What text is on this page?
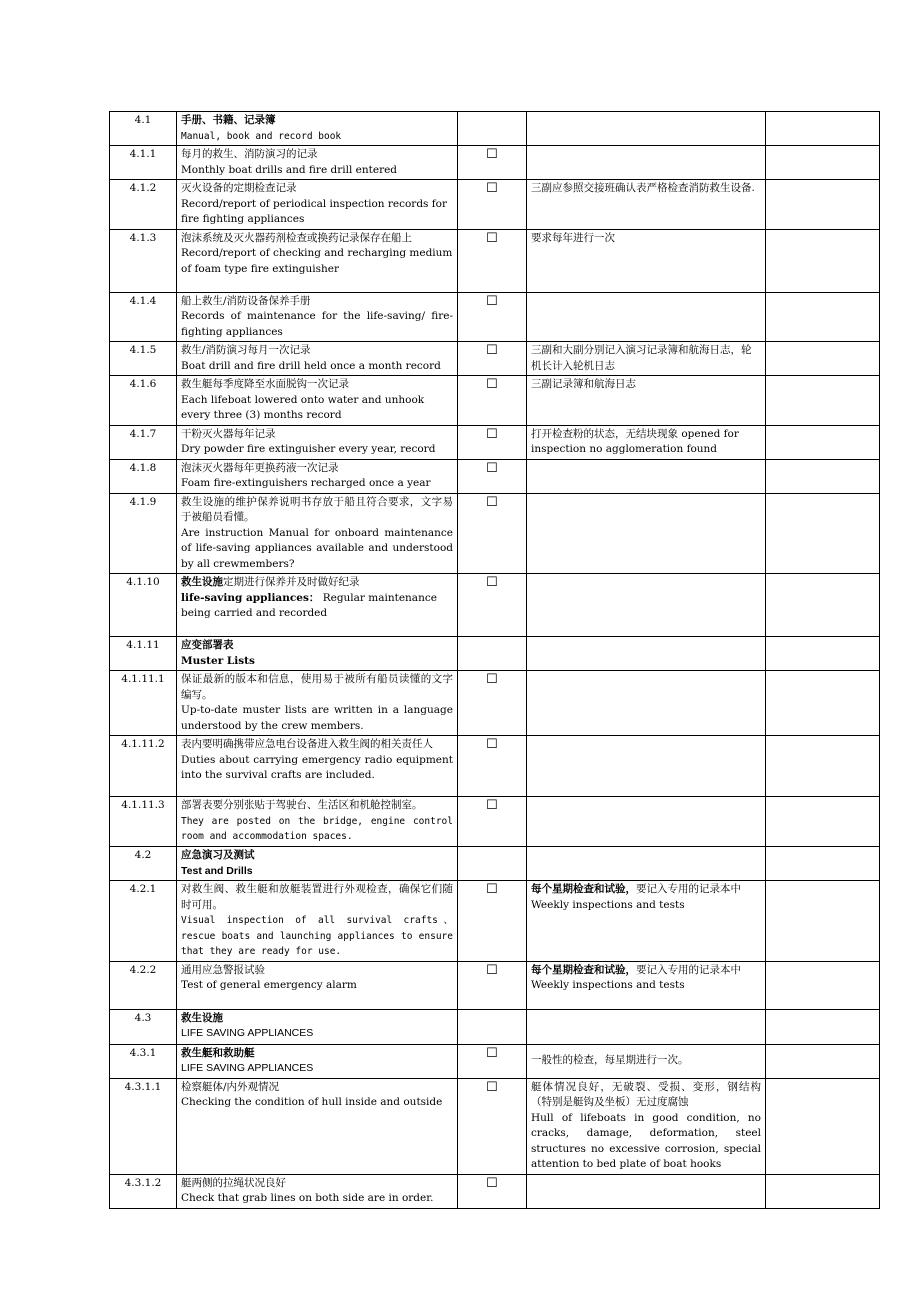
4.1	手册、书籍、记录簿
Manual, book and record book			

4.1.1	每月的救生、消防演习的记录
Monthly boat drills and fire drill entered	☐		
4.1.2	灭火设备的定期检查记录
Record/report of periodical inspection records for fire fighting appliances	☐	三副应参照交接班确认表严格检查消防救生设备.	
4.1.3	泡沫系统及灭火器药剂检查或换药记录保存在船上
Record/report of checking and recharging medium of foam type fire extinguisher	☐	要求每年进行一次	
4.1.4	船上救生/消防设备保养手册
Records of maintenance for the life-saving/ fire-fighting appliances	☐		
4.1.5	救生/消防演习每月一次记录
Boat drill and fire drill held once a month record	☐	三副和大副分别记入演习记录簿和航海日志，轮机长计入轮机日志	
4.1.6	救生艇每季度降至水面脱钩一次记录
Each lifeboat lowered onto water and unhook every three (3) months record	☐	三副记录簿和航海日志	
4.1.7	干粉灭火器每年记录
Dry powder fire extinguisher every year, record	☐	打开检查粉的状态，无结块现象 opened for inspection no agglomeration found	
4.1.8	泡沫灭火器每年更换药液一次记录
Foam fire-extinguishers recharged once a year	☐		
4.1.9	救生设施的维护保养说明书存放于船且符合要求，文字易于被船员看懂。
Are instruction Manual for onboard maintenance of life-saving appliances available and understood by all crewmembers?	☐		
4.1.10	救生设施定期进行保养并及时做好纪录
life-saving appliances： Regular maintenance being carried and recorded	☐		
4.1.11	应变部署表
Muster Lists			

4.1.11.1	保证最新的版本和信息，使用易于被所有船员读懂的文字编写。
Up-to-date muster lists are written in a language understood by the crew members.	☐		
4.1.11.2	表内要明确携带应急电台设备进入救生阀的相关责任人
Duties about carrying emergency radio equipment into the survival crafts are included.	☐		
4.1.11.3	部署表要分别张贴于驾驶台、生活区和机舱控制室。
They are posted on the bridge, engine control room and accommodation spaces.	☐		
4.2	应急演习及测试
Test and Drills			

4.2.1	对救生阀、救生艇和放艇装置进行外观检查，确保它们随时可用。
Visual inspection of all survival crafts、rescue boats and launching appliances to ensure that they are ready for use.	☐	每个星期检查和试验，要记入专用的记录本中
Weekly inspections and tests	

4.2.2	通用应急警报试验
Test of general emergency alarm	☐	每个星期检查和试验，要记入专用的记录本中
Weekly inspections and tests	

4.3	救生设施
LIFE SAVING APPLIANCES			

4.3.1	救生艇和救助艇
LIFE SAVING APPLIANCES	☐	一般性的检查，每星期进行一次。	
4.3.1.1	检察艇体/内外观情况
Checking the condition of hull inside and outside	☐	艇体情况良好，无破裂、受损、变形，钢结构（特别是艇钩及坐板）无过度腐蚀
Hull of lifeboats in good condition, no cracks, damage, deformation, steel structures no excessive corrosion, special attention to bed plate of boat hooks	

4.3.1.2	艇两侧的拉绳状况良好
Check that grab lines on both side are in order.	☐		
